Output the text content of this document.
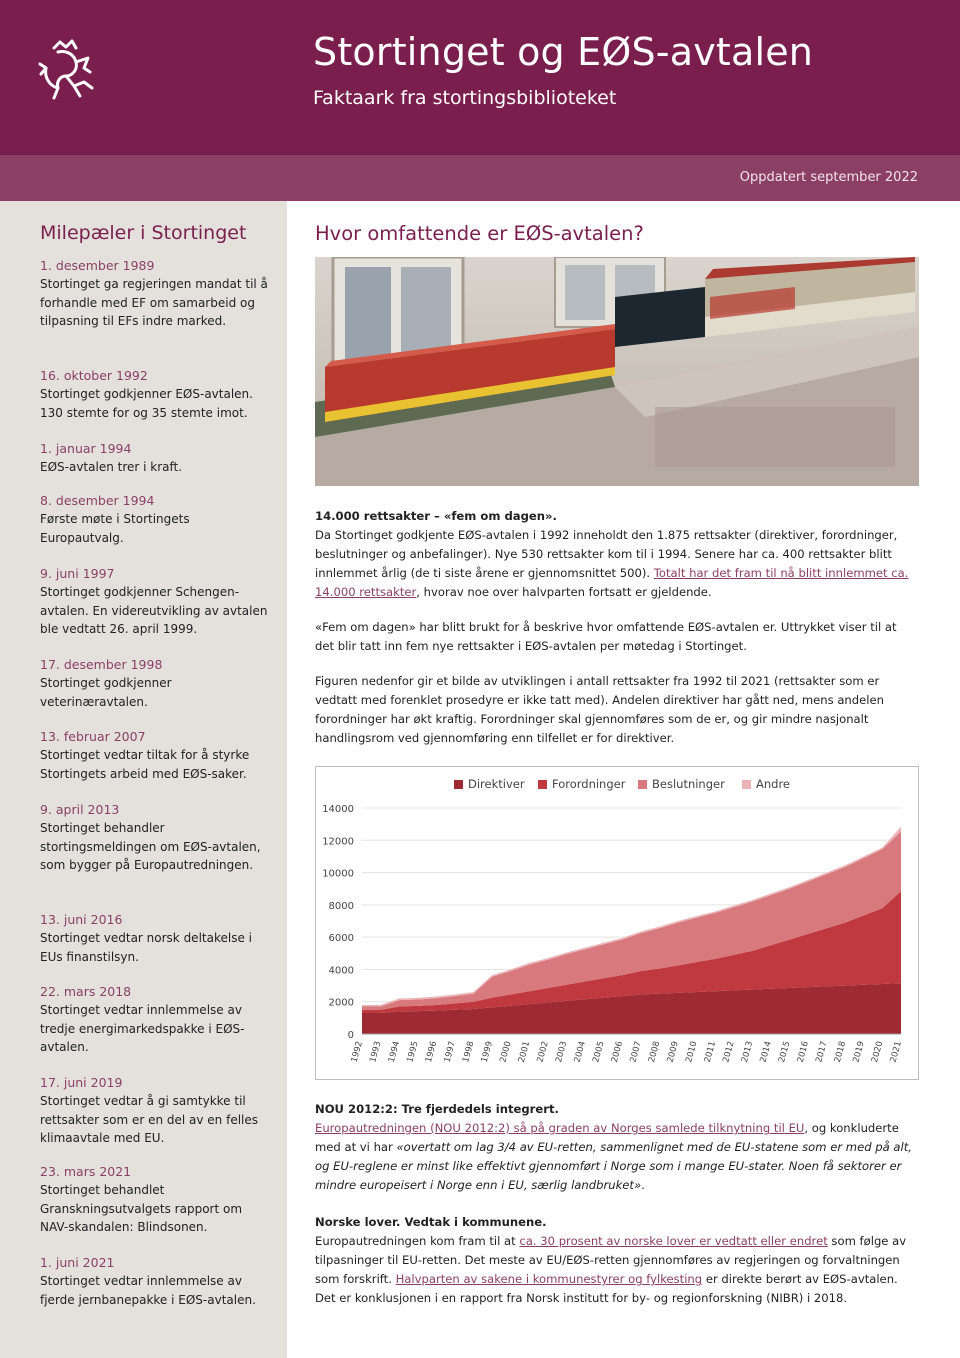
Stortinget og EØS-avtalen
Faktaark fra stortingsbiblioteket
Oppdatert september 2022
Milepæler i Stortinget
1. desember 1989
Stortinget ga regjeringen mandat til å forhandle med EF om samarbeid og tilpasning til EFs indre marked.
16. oktober 1992
Stortinget godkjenner EØS-avtalen. 130 stemte for og 35 stemte imot.
1. januar 1994
EØS-avtalen trer i kraft.
8. desember 1994
Første møte i Stortingets Europautvalg.
9. juni 1997
Stortinget godkjenner Schengen-avtalen. En videreutvikling av avtalen ble vedtatt 26. april 1999.
17. desember 1998
Stortinget godkjenner veterinæravtalen.
13. februar 2007
Stortinget vedtar tiltak for å styrke Stortingets arbeid med EØS-saker.
9. april 2013
Stortinget behandler stortingsmeldingen om EØS-avtalen, som bygger på Europautredningen.
13. juni 2016
Stortinget vedtar norsk deltakelse i EUs finanstilsyn.
22. mars 2018
Stortinget vedtar innlemmelse av tredje energimarkedspakke i EØS-avtalen.
17. juni 2019
Stortinget vedtar å gi samtykke til rettsakter som er en del av en felles klimaavtale med EU.
23. mars 2021
Stortinget behandlet Granskningsutvalgets rapport om NAV-skandalen: Blindsonen.
1. juni 2021
Stortinget vedtar innlemmelse av fjerde jernbanepakke i EØS-avtalen.
Hvor omfattende er EØS-avtalen?
14.000 rettsakter – «fem om dagen».
Da Stortinget godkjente EØS-avtalen i 1992 inneholdt den 1.875 rettsakter (direktiver, forordninger, beslutninger og anbefalinger). Nye 530 rettsakter kom til i 1994. Senere har ca. 400 rettsakter blitt innlemmet årlig (de ti siste årene er gjennomsnittet 500). Totalt har det fram til nå blitt innlemmet ca. 14.000 rettsakter, hvorav noe over halvparten fortsatt er gjeldende.
«Fem om dagen» har blitt brukt for å beskrive hvor omfattende EØS-avtalen er. Uttrykket viser til at det blir tatt inn fem nye rettsakter i EØS-avtalen per møtedag i Stortinget.
Figuren nedenfor gir et bilde av utviklingen i antall rettsakter fra 1992 til 2021 (rettsakter som er vedtatt med forenklet prosedyre er ikke tatt med). Andelen direktiver har gått ned, mens andelen forordninger har økt kraftig. Forordninger skal gjennomføres som de er, og gir mindre nasjonalt handlingsrom ved gjennomføring enn tilfellet er for direktiver.
Direktiver Forordninger Beslutninger	Andre
0
2000
4000
6000
8000
10000
12000
14000
1992 1993 1994 1995 1996 1997 1998 1999 2000 2001 2002 2003 2004 2005 2006 2007 2008 2009 2010 2011 2012 2013 2014 2015 2016 2017 2018 2019 2020 2021
NOU 2012:2: Tre fjerdedels integrert.
Europautredningen (NOU 2012:2) så på graden av Norges samlede tilknytning til EU, og konkluderte med at vi har «overtatt om lag 3/4 av EU-retten, sammenlignet med de EU-statene som er med på alt, og EU-reglene er minst like effektivt gjennomført i Norge som i mange EU-stater. Noen få sektorer er mindre europeisert i Norge enn i EU, særlig landbruket».
Norske lover. Vedtak i kommunene.
Europautredningen kom fram til at ca. 30 prosent av norske lover er vedtatt eller endret som følge av tilpasninger til EU-retten. Det meste av EU/EØS-retten gjennomføres av regjeringen og forvaltningen som forskrift. Halvparten av sakene i kommunestyrer og fylkesting er direkte berørt av EØS-avtalen. Det er konklusjonen i en rapport fra Norsk institutt for by- og regionforskning (NIBR) i 2018.
